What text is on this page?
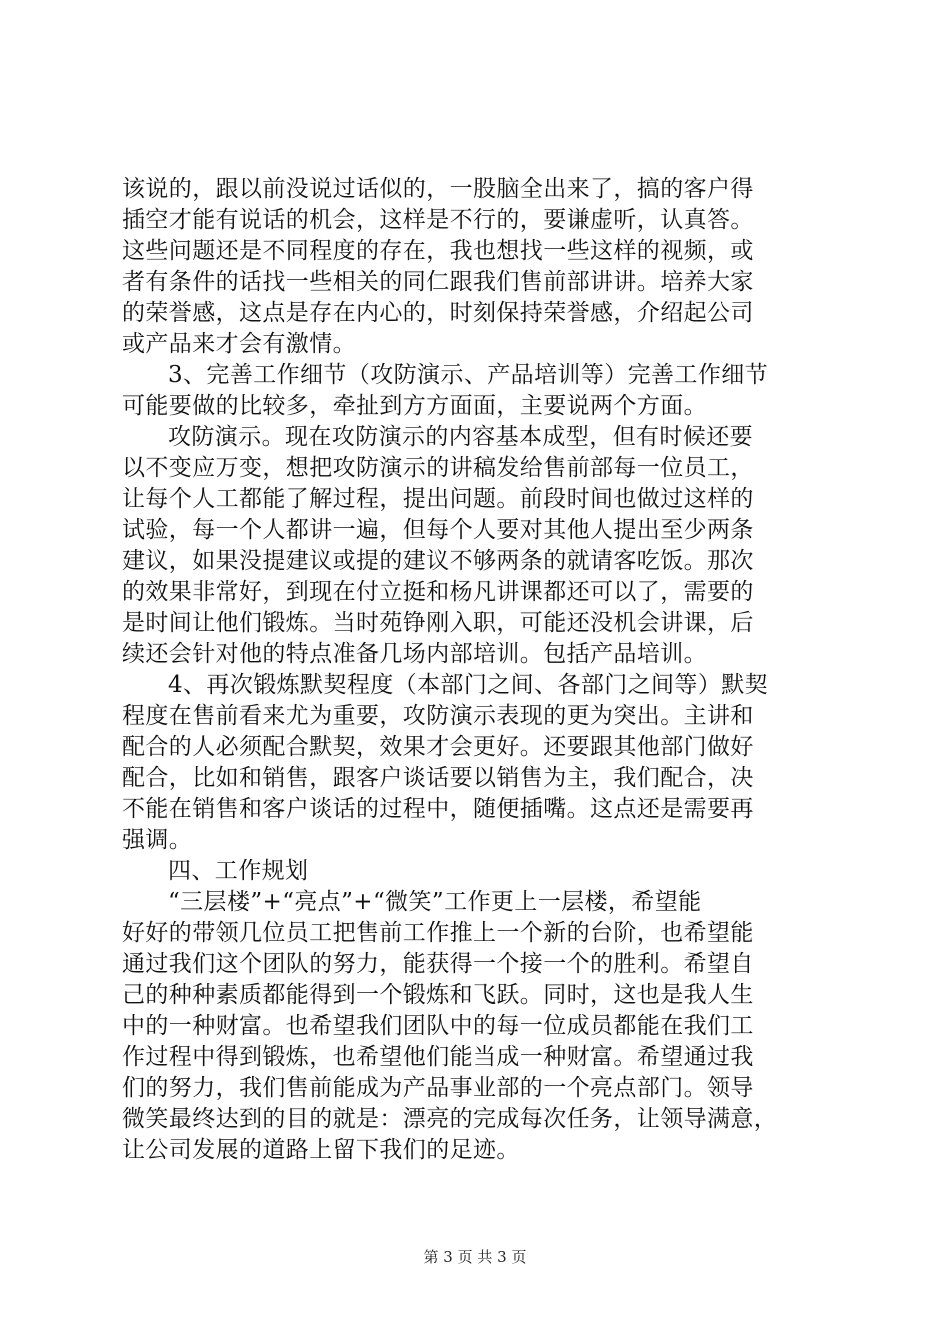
该说的，跟以前没说过话似的，一股脑全出来了，搞的客户得
插空才能有说话的机会，这样是不行的，要谦虚听，认真答。
这些问题还是不同程度的存在，我也想找一些这样的视频，或
者有条件的话找一些相关的同仁跟我们售前部讲讲。培养大家
的荣誉感，这点是存在内心的，时刻保持荣誉感，介绍起公司
或产品来才会有激情。
3、完善工作细节（攻防演示、产品培训等）完善工作细节
可能要做的比较多，牵扯到方方面面，主要说两个方面。
攻防演示。现在攻防演示的内容基本成型，但有时候还要
以不变应万变，想把攻防演示的讲稿发给售前部每一位员工，
让每个人工都能了解过程，提出问题。前段时间也做过这样的
试验，每一个人都讲一遍，但每个人要对其他人提出至少两条
建议，如果没提建议或提的建议不够两条的就请客吃饭。那次
的效果非常好，到现在付立挺和杨凡讲课都还可以了，需要的
是时间让他们锻炼。当时苑铮刚入职，可能还没机会讲课，后
续还会针对他的特点准备几场内部培训。包括产品培训。
4、再次锻炼默契程度（本部门之间、各部门之间等）默契
程度在售前看来尤为重要，攻防演示表现的更为突出。主讲和
配合的人必须配合默契，效果才会更好。还要跟其他部门做好
配合，比如和销售，跟客户谈话要以销售为主，我们配合，决
不能在销售和客户谈话的过程中，随便插嘴。这点还是需要再
强调。
四、工作规划
“三层楼”+“亮点”+“微笑”工作更上一层楼，希望能
好好的带领几位员工把售前工作推上一个新的台阶，也希望能
通过我们这个团队的努力，能获得一个接一个的胜利。希望自
己的种种素质都能得到一个锻炼和飞跃。同时，这也是我人生
中的一种财富。也希望我们团队中的每一位成员都能在我们工
作过程中得到锻炼，也希望他们能当成一种财富。希望通过我
们的努力，我们售前能成为产品事业部的一个亮点部门。领导
微笑最终达到的目的就是：漂亮的完成每次任务，让领导满意，
让公司发展的道路上留下我们的足迹。
第 3 页 共 3 页
